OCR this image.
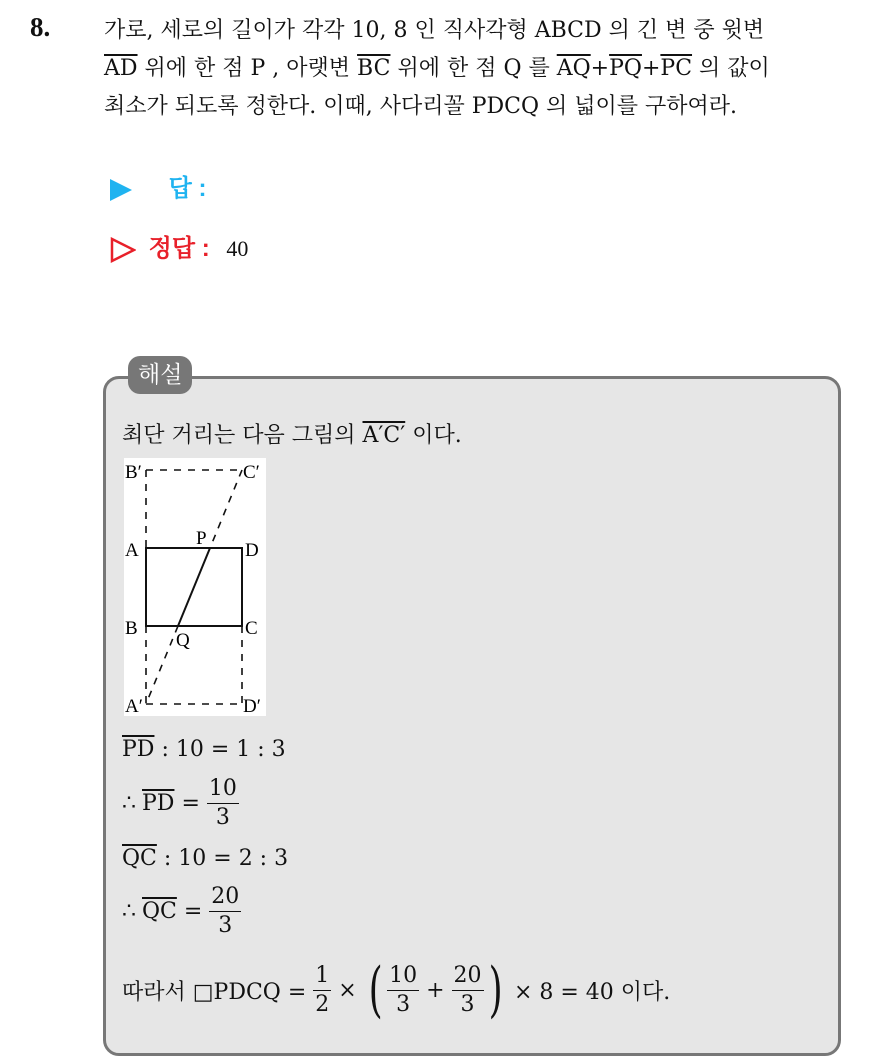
8. 가로, 세로의 길이가 각각 10, 8 인 직사각형 ABCD 의 긴 변 중 윗변
$\overline{AD}$ 위에 한 점 P , 아랫변 $\overline{BC}$ 위에 한 점 Q 를 $\overline{AQ}+\overline{PQ}+\overline{PC}$ 의 값이
최소가 되도록 정한다. 이때, 사다리꼴 PDCQ 의 넓이를 구하여라.
답 :
정답 : 40
해설
최단 거리는 다음 그림의 A′C′ 이다.
B′	C′
A
P
D
B	C
Q
A′	D′
$\overline{PD}$ : 10 = 1 : 3
∴ $\overline{PD} = \frac{10}{3}$
$\overline{QC}$ : 10 = 2 : 3
∴ $\overline{QC} = \frac{20}{3}$
따라서 □PDCQ = $\frac{1}{2}$ × ( $\frac{10}{3} + \frac{20}{3}$ ) × 8 = 40 이다.
